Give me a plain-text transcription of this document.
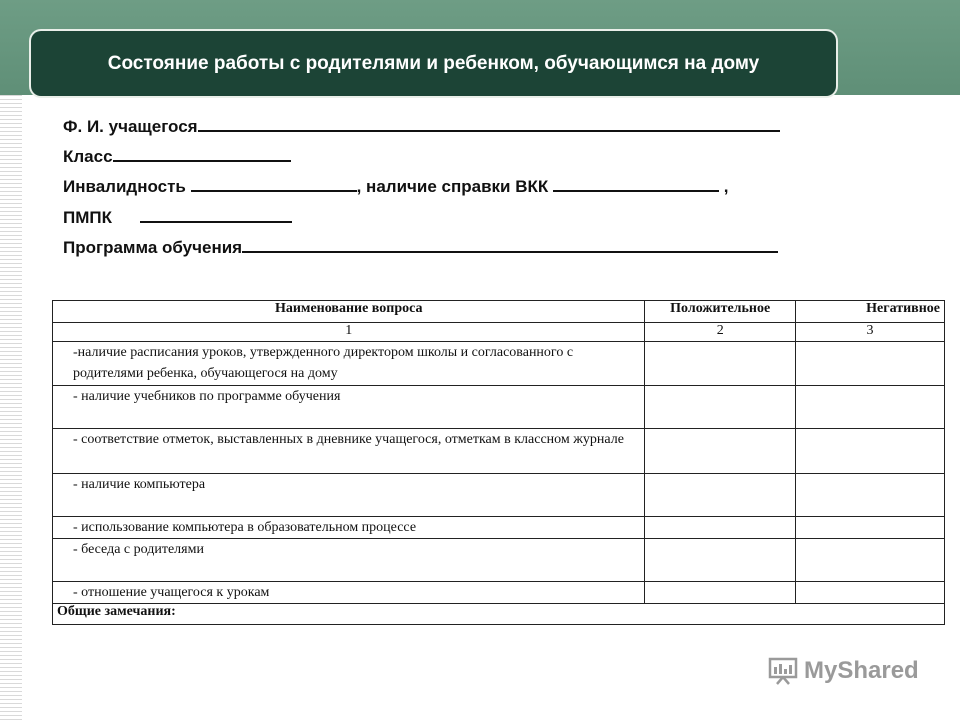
Состояние работы с родителями и ребенком, обучающимся на дому
Ф. И. учащегося
Класс
Инвалидность	, наличие справки ВКК	,
ПМПК
Программа обучения
Наименование вопроса	Положительное	Негативное
1	2	3
-наличие расписания уроков, утвержденного директором школы и согласованного с родителями ребенка, обучающегося на дому		
- наличие учебников по программе обучения		
- соответствие отметок, выставленных в дневнике учащегося, отметкам в классном журнале		
- наличие компьютера		
- использование компьютера в образовательном процессе		
- беседа с родителями		
- отношение учащегося к урокам		
Общие замечания:		
MyShared
